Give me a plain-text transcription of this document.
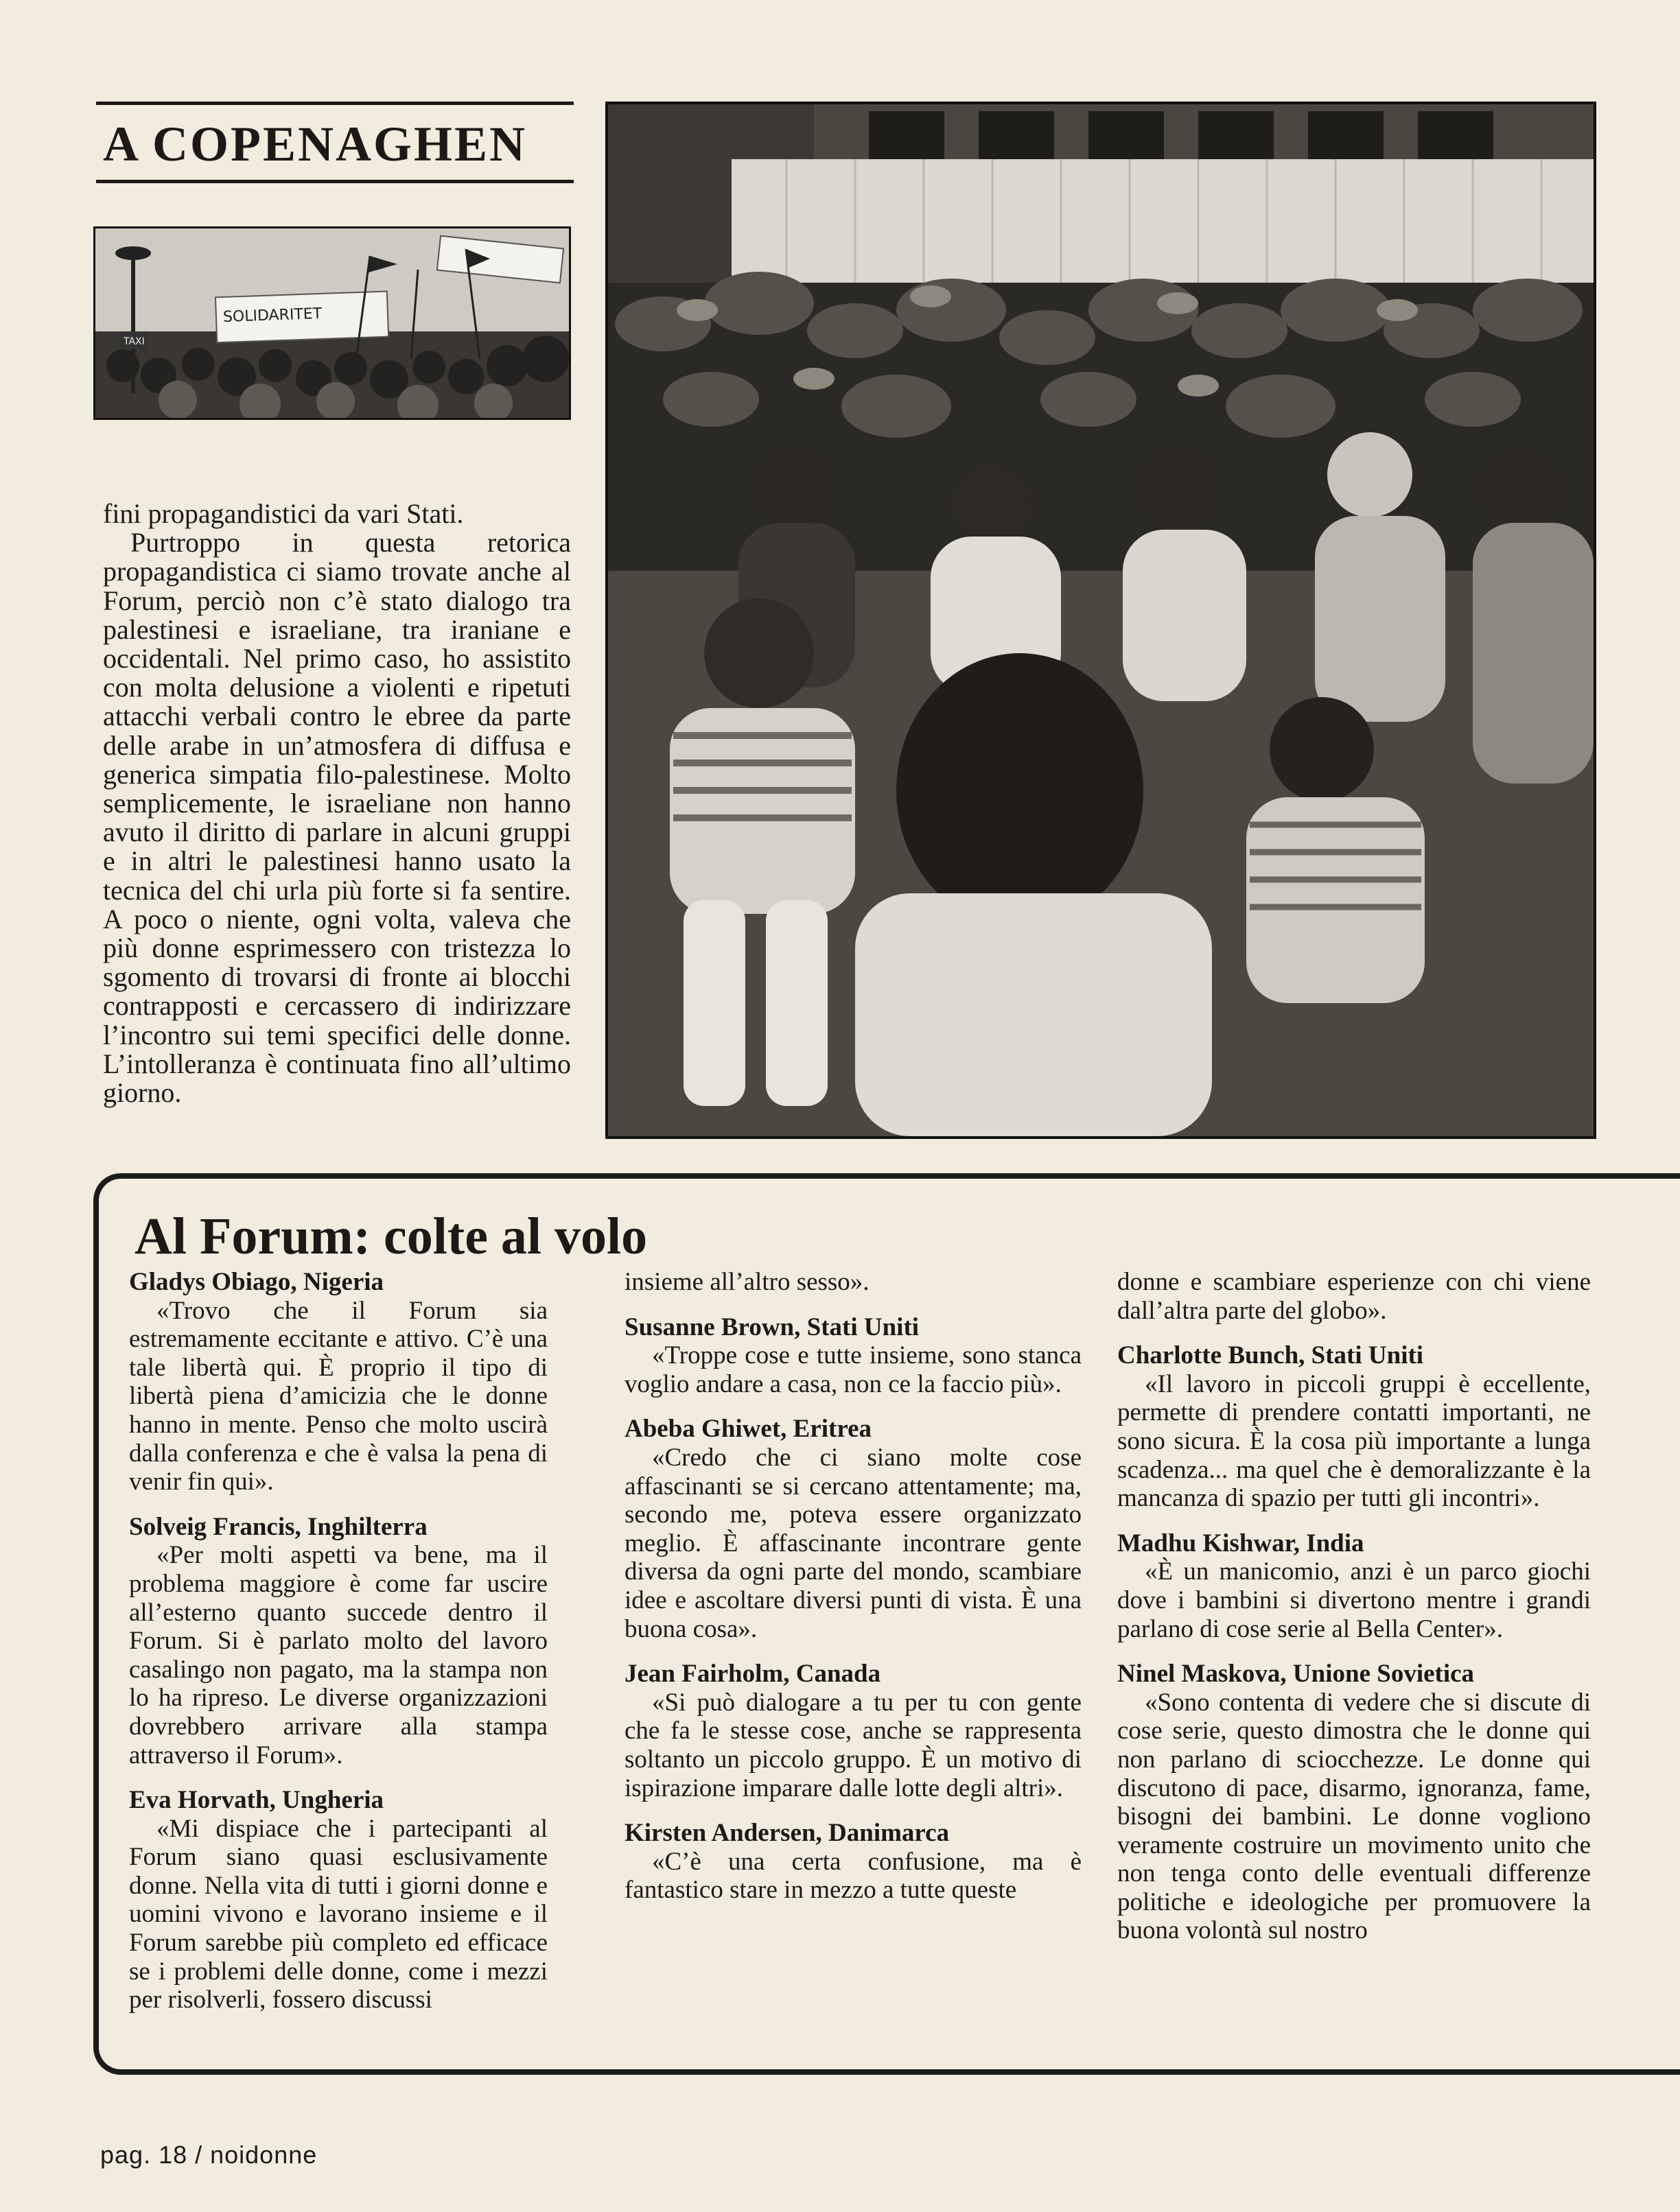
A COPENAGHEN
TAXI
SOLIDARITET

fini propagandistici da vari Stati.

Purtroppo in questa retorica propagandistica ci siamo trovate anche al Forum, perciò non c’è stato dialogo tra palestinesi e israeliane, tra iraniane e occidentali. Nel primo caso, ho assistito con molta delusione a violenti e ripetuti attacchi verbali contro le ebree da parte delle arabe in un’atmosfera di diffusa e generica simpatia filo-palestinese. Molto semplicemente, le israeliane non hanno avuto il diritto di parlare in alcuni gruppi e in altri le palestinesi hanno usato la tecnica del chi urla più forte si fa sentire. A poco o niente, ogni volta, valeva che più donne esprimessero con tristezza lo sgomento di trovarsi di fronte ai blocchi contrapposti e cercassero di indirizzare l’incontro sui temi specifici delle donne. L’intolleranza è continuata fino all’ultimo giorno.

Al Forum: colte al volo

Gladys Obiago, Nigeria

«Trovo che il Forum sia estremamente eccitante e attivo. C’è una tale libertà qui. È proprio il tipo di libertà piena d’amicizia che le donne hanno in mente. Penso che molto uscirà dalla conferenza e che è valsa la pena di venir fin qui».

Solveig Francis, Inghilterra

«Per molti aspetti va bene, ma il problema maggiore è come far uscire all’esterno quanto succede dentro il Forum. Si è parlato molto del lavoro casalingo non pagato, ma la stampa non lo ha ripreso. Le diverse organizzazioni dovrebbero arrivare alla stampa attraverso il Forum».

Eva Horvath, Ungheria

«Mi dispiace che i partecipanti al Forum siano quasi esclusivamente donne. Nella vita di tutti i giorni donne e uomini vivono e lavorano insieme e il Forum sarebbe più completo ed efficace se i problemi delle donne, come i mezzi per risolverli, fossero discussi

insieme all’altro sesso».

Susanne Brown, Stati Uniti

«Troppe cose e tutte insieme, sono stanca voglio andare a casa, non ce la faccio più».

Abeba Ghiwet, Eritrea

«Credo che ci siano molte cose affascinanti se si cercano attentamente; ma, secondo me, poteva essere organizzato meglio. È affascinante incontrare gente diversa da ogni parte del mondo, scambiare idee e ascoltare diversi punti di vista. È una buona cosa».

Jean Fairholm, Canada

«Si può dialogare a tu per tu con gente che fa le stesse cose, anche se rappresenta soltanto un piccolo gruppo. È un motivo di ispirazione imparare dalle lotte degli altri».

Kirsten Andersen, Danimarca

«C’è una certa confusione, ma è fantastico stare in mezzo a tutte queste

donne e scambiare esperienze con chi viene dall’altra parte del globo».

Charlotte Bunch, Stati Uniti

«Il lavoro in piccoli gruppi è eccellente, permette di prendere contatti importanti, ne sono sicura. È la cosa più importante a lunga scadenza... ma quel che è demoralizzante è la mancanza di spazio per tutti gli incontri».

Madhu Kishwar, India

«È un manicomio, anzi è un parco giochi dove i bambini si divertono mentre i grandi parlano di cose serie al Bella Center».

Ninel Maskova, Unione Sovietica

«Sono contenta di vedere che si discute di cose serie, questo dimostra che le donne qui non parlano di sciocchezze. Le donne qui discutono di pace, disarmo, ignoranza, fame, bisogni dei bambini. Le donne vogliono veramente costruire un movimento unito che non tenga conto delle eventuali differenze politiche e ideologiche per promuovere la buona volontà sul nostro

pag. 18 / noidonne
